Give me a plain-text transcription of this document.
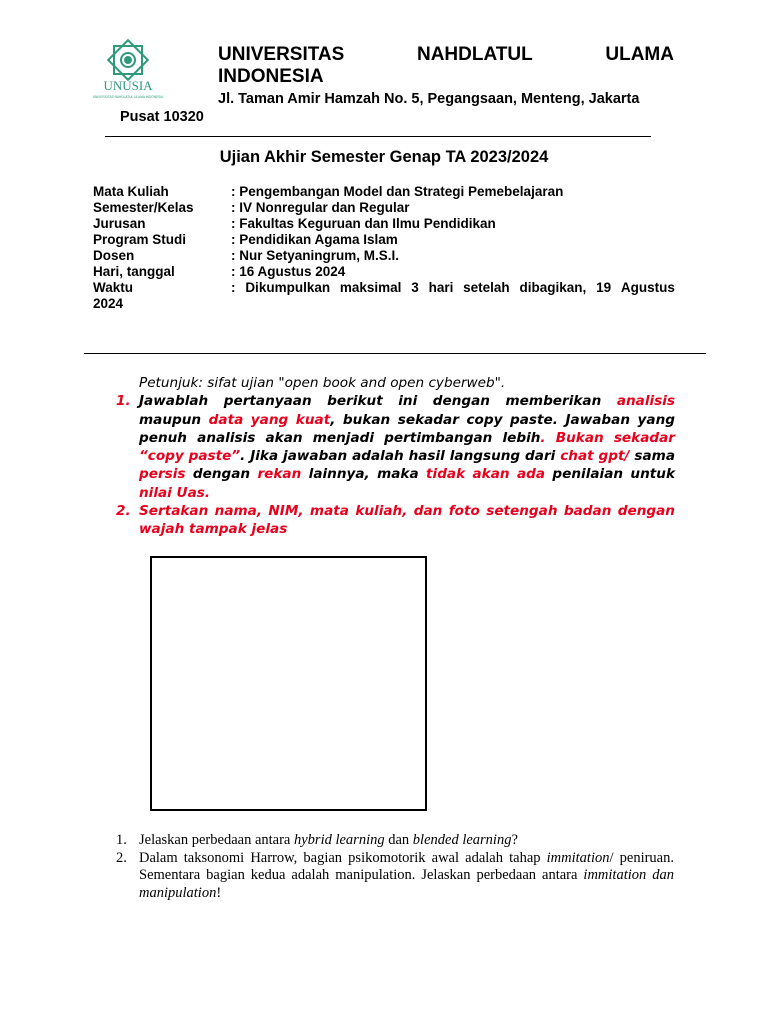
UNUSIA
UNIVERSITAS NAHDLATUL ULAMA INDONESIA
UNIVERSITAS	NAHDLATUL	ULAMA
INDONESIA
Jl. Taman Amir Hamzah No. 5, Pegangsaan, Menteng, Jakarta
Pusat 10320
Ujian Akhir Semester Genap TA 2023/2024
Mata Kuliah	: Pengembangan Model dan Strategi Pemebelajaran
Semester/Kelas	: IV Nonregular dan Regular
Jurusan	: Fakultas Keguruan dan Ilmu Pendidikan
Program Studi	: Pendidikan Agama Islam
Dosen	: Nur Setyaningrum, M.S.I.
Hari, tanggal	: 16 Agustus 2024
Waktu	: Dikumpulkan maksimal 3 hari setelah dibagikan, 19 Agustus
2024
Petunjuk: sifat ujian "open book and open cyberweb".
1. Jawablah pertanyaan berikut ini dengan memberikan analisis maupun data yang kuat, bukan sekadar copy paste. Jawaban yang penuh analisis akan menjadi pertimbangan lebih. Bukan sekadar “copy paste”. Jika jawaban adalah hasil langsung dari chat gpt/ sama persis dengan rekan lainnya, maka tidak akan ada penilaian untuk nilai Uas.
2. Sertakan nama, NIM, mata kuliah, dan foto setengah badan dengan wajah tampak jelas
1. Jelaskan perbedaan antara hybrid learning dan blended learning?
2. Dalam taksonomi Harrow, bagian psikomotorik awal adalah tahap immitation/ peniruan. Sementara bagian kedua adalah manipulation. Jelaskan perbedaan antara immitation dan manipulation!
